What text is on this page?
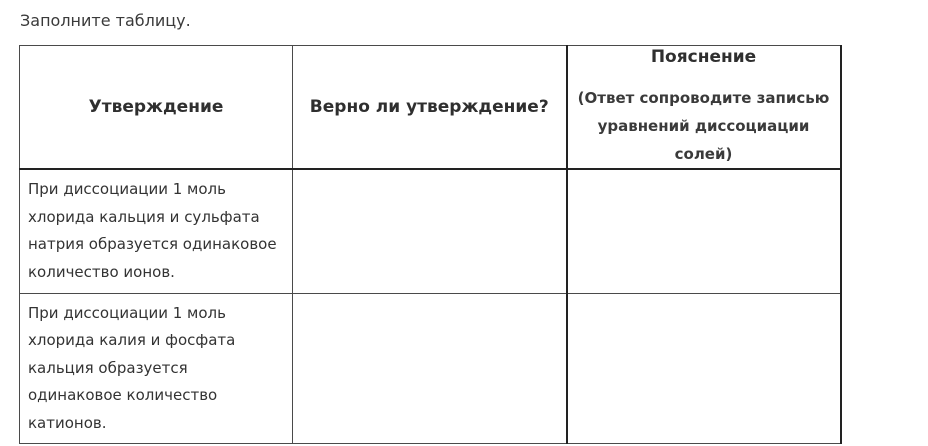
Заполните таблицу.
Утверждение	Верно ли утверждение?	Пояснение
(Ответ сопроводите записью уравнений диссоциации солей)

При диссоциации 1 моль хлорида кальция и сульфата натрия образуется одинаковое количество ионов.		
При диссоциации 1 моль хлорида калия и фосфата кальция образуется одинаковое количество катионов.		
